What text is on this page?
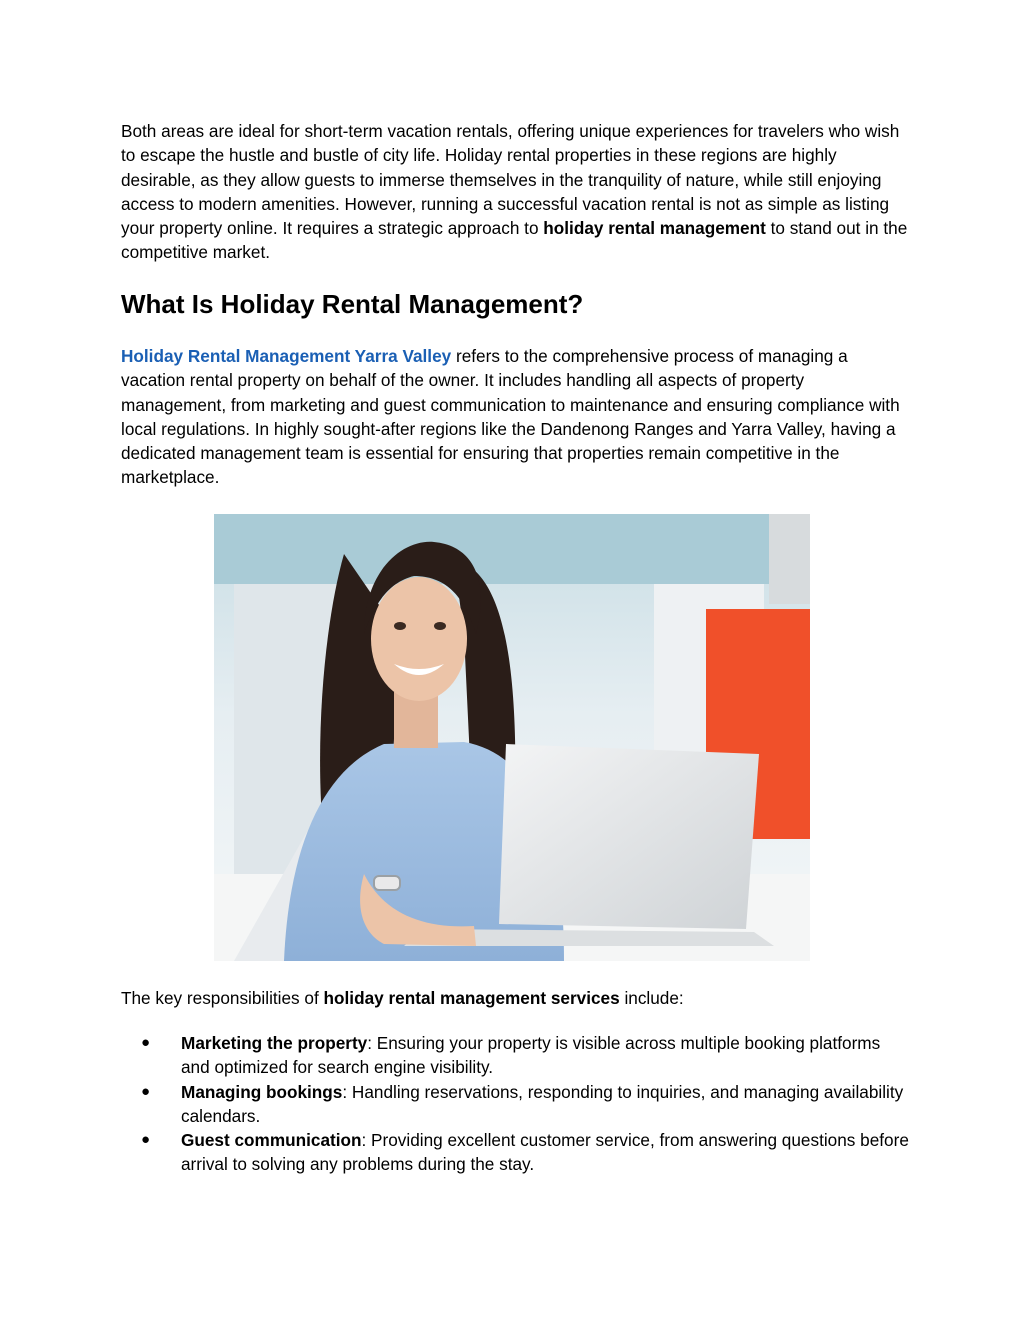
Both areas are ideal for short-term vacation rentals, offering unique experiences for travelers who wish to escape the hustle and bustle of city life. Holiday rental properties in these regions are highly desirable, as they allow guests to immerse themselves in the tranquility of nature, while still enjoying access to modern amenities. However, running a successful vacation rental is not as simple as listing your property online. It requires a strategic approach to holiday rental management to stand out in the competitive market.

What Is Holiday Rental Management?

Holiday Rental Management Yarra Valley refers to the comprehensive process of managing a vacation rental property on behalf of the owner. It includes handling all aspects of property management, from marketing and guest communication to maintenance and ensuring compliance with local regulations. In highly sought-after regions like the Dandenong Ranges and Yarra Valley, having a dedicated management team is essential for ensuring that properties remain competitive in the marketplace.

The key responsibilities of holiday rental management services include:

● Marketing the property: Ensuring your property is visible across multiple booking platforms and optimized for search engine visibility.
● Managing bookings: Handling reservations, responding to inquiries, and managing availability calendars.
● Guest communication: Providing excellent customer service, from answering questions before arrival to solving any problems during the stay.
